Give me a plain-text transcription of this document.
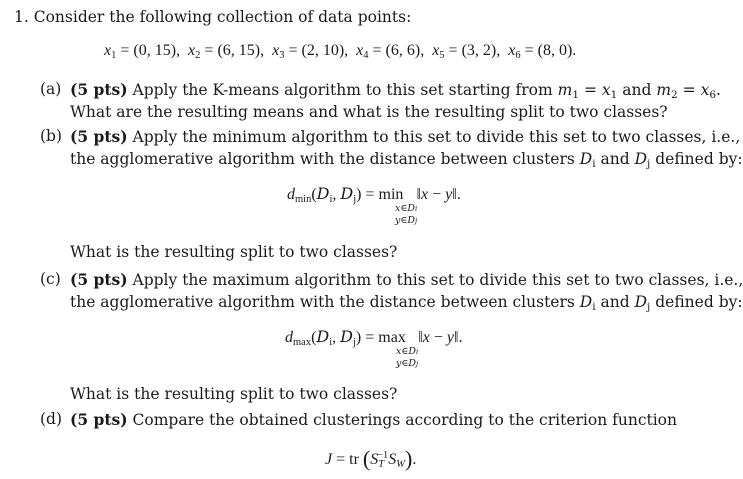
1. Consider the following collection of data points:
$x_1 = (0$, 15), $x_2 = (6$, 15), $x_3 = (2$, 10), $x_4 = (6$, 6), $x_5 = (3$, 2), $x_6 = (8$, 0).
(a) (5 pts) Apply the K-means algorithm to this set starting from $m_1 = x_1$ and $m_2 = x_6$.
What are the resulting means and what is the resulting split to two classes?
(b) (5 pts) Apply the minimum algorithm to this set to divide this set to two classes, i.e.,
the agglomerative algorithm with the distance between clusters $D_i$ and $D_j$ defined by:
$d_{min}(D_i$, $D_j) = \min$ ‖x − y‖.
x∈Di
y∈Dj
What is the resulting split to two classes?
(c) (5 pts) Apply the maximum algorithm to this set to divide this set to two classes, i.e.,
the agglomerative algorithm with the distance between clusters $D_i$ and $D_j$ defined by:
$d_{max}(D_i$, $D_j) = \max$ ‖x − y‖.
x∈Di
y∈Dj
What is the resulting split to two classes?
(d) (5 pts) Compare the obtained clusterings according to the criterion function
J = tr $(S_T^{-1}S_W)$.
